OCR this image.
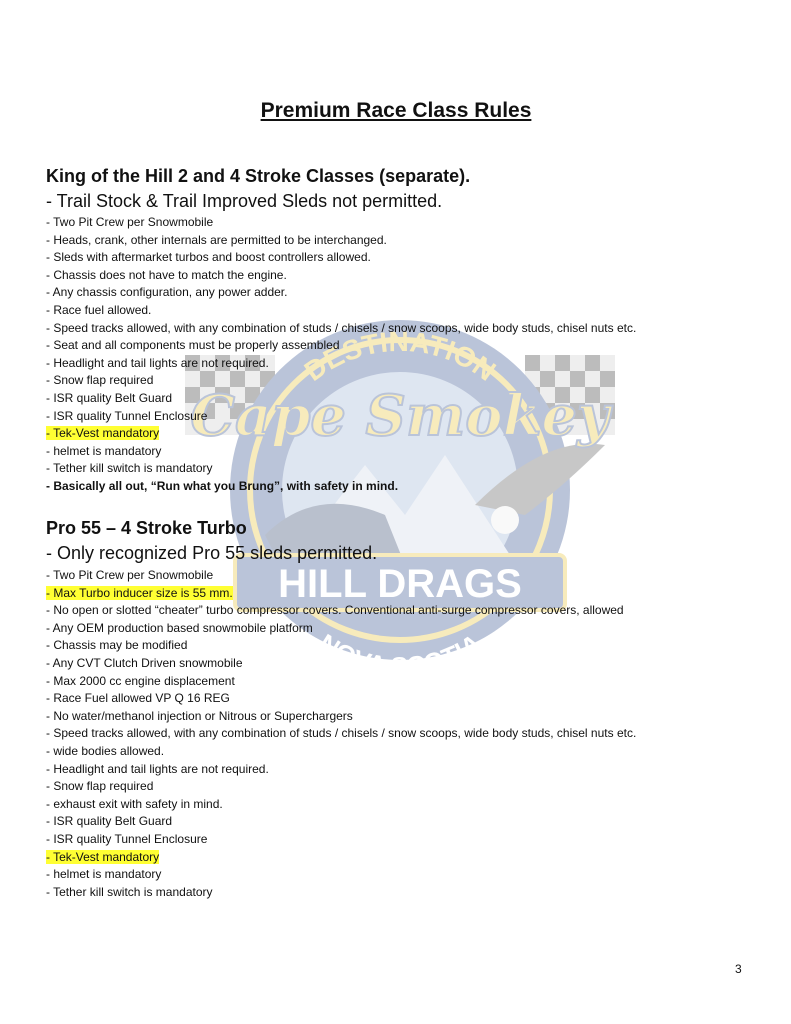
DESTINATION
Cape Smokey
HILL DRAGS
NOVA SCOTIA
Premium Race Class Rules
King of the Hill 2 and 4 Stroke Classes (separate).

- Trail Stock & Trail Improved Sleds not permitted.

- Two Pit Crew per Snowmobile
- Heads, crank, other internals are permitted to be interchanged.
- Sleds with aftermarket turbos and boost controllers allowed.
- Chassis does not have to match the engine.
- Any chassis configuration, any power adder.
- Race fuel allowed.
- Speed tracks allowed, with any combination of studs / chisels / snow scoops, wide body studs, chisel nuts etc.
- Seat and all components must be properly assembled
- Headlight and tail lights are not required.
- Snow flap required
- ISR quality Belt Guard
- ISR quality Tunnel Enclosure
- Tek-Vest mandatory
- helmet is mandatory
- Tether kill switch is mandatory
- Basically all out, “Run what you Brung”, with safety in mind.
Pro 55 – 4 Stroke Turbo

- Only recognized Pro 55 sleds permitted.

- Two Pit Crew per Snowmobile
- Max Turbo inducer size is 55 mm.
- No open or slotted “cheater” turbo compressor covers. Conventional anti-surge compressor covers, allowed
- Any OEM production based snowmobile platform
- Chassis may be modified
- Any CVT Clutch Driven snowmobile
- Max 2000 cc engine displacement
- Race Fuel allowed VP Q 16 REG
- No water/methanol injection or Nitrous or Superchargers
- Speed tracks allowed, with any combination of studs / chisels / snow scoops, wide body studs, chisel nuts etc.
- wide bodies allowed.
- Headlight and tail lights are not required.
- Snow flap required
- exhaust exit with safety in mind.
- ISR quality Belt Guard
- ISR quality Tunnel Enclosure
- Tek-Vest mandatory
- helmet is mandatory
- Tether kill switch is mandatory
3
